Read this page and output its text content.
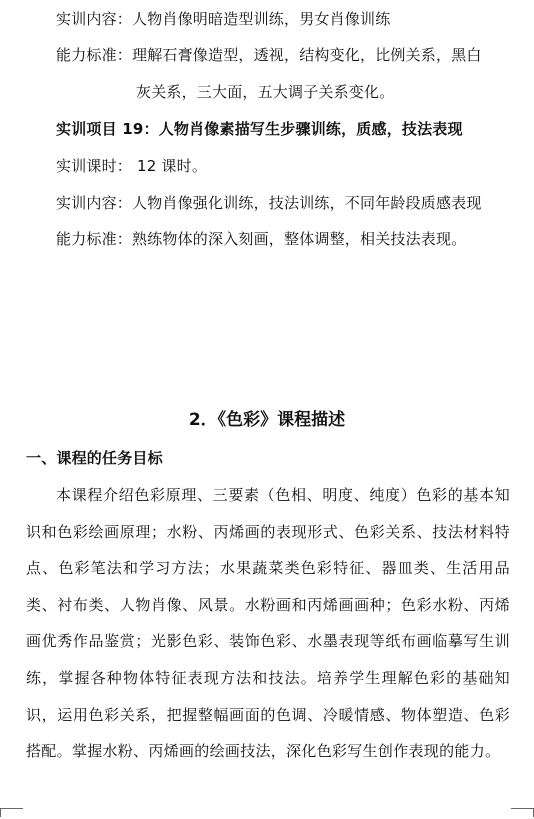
实训内容：人物肖像明暗造型训练，男女肖像训练
能力标准：理解石膏像造型，透视，结构变化，比例关系，黑白
灰关系，三大面，五大调子关系变化。
实训项目 19：人物肖像素描写生步骤训练，质感，技法表现
实训课时： 12 课时。
实训内容：人物肖像强化训练，技法训练，不同年龄段质感表现
能力标准：熟练物体的深入刻画，整体调整，相关技法表现。
2．《色彩》课程描述
一、课程的任务目标
本课程介绍色彩原理、三要素（色相、明度、纯度）色彩的基本知识和色彩绘画原理；水粉、丙烯画的表现形式、色彩关系、技法材料特点、色彩笔法和学习方法；水果蔬菜类色彩特征、器皿类、生活用品类、衬布类、人物肖像、风景。水粉画和丙烯画画种；色彩水粉、丙烯画优秀作品鉴赏；光影色彩、装饰色彩、水墨表现等纸布画临摹写生训练，掌握各种物体特征表现方法和技法。培养学生理解色彩的基础知识，运用色彩关系，把握整幅画面的色调、冷暖情感、物体塑造、色彩搭配。掌握水粉、丙烯画的绘画技法，深化色彩写生创作表现的能力。
